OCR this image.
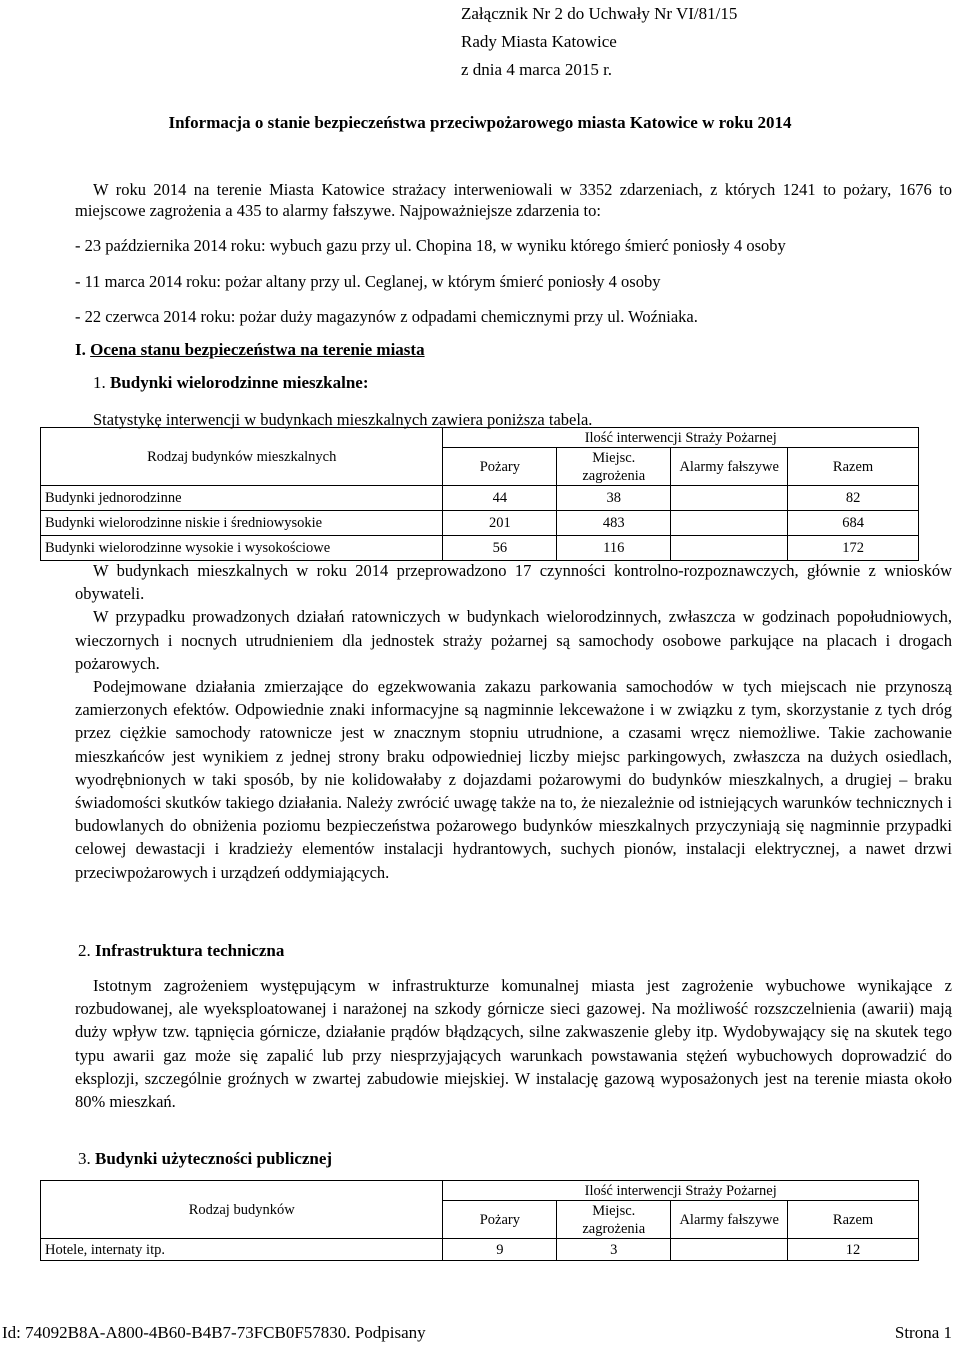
Załącznik Nr 2 do Uchwały Nr VI/81/15
Rady Miasta Katowice
z dnia 4 marca 2015 r.
Informacja o stanie bezpieczeństwa przeciwpożarowego miasta Katowice w roku 2014
W roku 2014 na terenie Miasta Katowice strażacy interweniowali w 3352 zdarzeniach, z których 1241 to pożary, 1676 to miejscowe zagrożenia a 435 to alarmy fałszywe. Najpoważniejsze zdarzenia to:
- 23 października 2014 roku: wybuch gazu przy ul. Chopina 18, w wyniku którego śmierć poniosły 4 osoby
- 11 marca 2014 roku: pożar altany przy ul. Ceglanej, w którym śmierć poniosły 4 osoby
- 22 czerwca 2014 roku: pożar duży magazynów z odpadami chemicznymi przy ul. Woźniaka.
I. Ocena stanu bezpieczeństwa na terenie miasta
1. Budynki wielorodzinne mieszkalne:
Statystykę interwencji w budynkach mieszkalnych zawiera poniższa tabela.
Rodzaj budynków mieszkalnych	Ilość interwencji Straży Pożarnej			
	Pożary	Miejsc. zagrożenia	Alarmy fałszywe	Razem
Budynki jednorodzinne	44	38		82
Budynki wielorodzinne niskie i średniowysokie	201	483		684
Budynki wielorodzinne wysokie i wysokościowe	56	116		172

W budynkach mieszkalnych w roku 2014 przeprowadzono 17 czynności kontrolno-rozpoznawczych, głównie z wniosków obywateli.

W przypadku prowadzonych działań ratowniczych w budynkach wielorodzinnych, zwłaszcza w godzinach popołudniowych, wieczornych i nocnych utrudnieniem dla jednostek straży pożarnej są samochody osobowe parkujące na placach i drogach pożarowych.

Podejmowane działania zmierzające do egzekwowania zakazu parkowania samochodów w tych miejscach nie przynoszą zamierzonych efektów. Odpowiednie znaki informacyjne są nagminnie lekceważone i w związku z tym, skorzystanie z tych dróg przez ciężkie samochody ratownicze jest w znacznym stopniu utrudnione, a czasami wręcz niemożliwe. Takie zachowanie mieszkańców jest wynikiem z jednej strony braku odpowiedniej liczby miejsc parkingowych, zwłaszcza na dużych osiedlach, wyodrębnionych w taki sposób, by nie kolidowałaby z dojazdami pożarowymi do budynków mieszkalnych, a drugiej – braku świadomości skutków takiego działania. Należy zwrócić uwagę także na to, że niezależnie od istniejących warunków technicznych i budowlanych do obniżenia poziomu bezpieczeństwa pożarowego budynków mieszkalnych przyczyniają się nagminnie przypadki celowej dewastacji i kradzieży elementów instalacji hydrantowych, suchych pionów, instalacji elektrycznej, a nawet drzwi przeciwpożarowych i urządzeń oddymiających.

2. Infrastruktura techniczna

Istotnym zagrożeniem występującym w infrastrukturze komunalnej miasta jest zagrożenie wybuchowe wynikające z rozbudowanej, ale wyeksploatowanej i narażonej na szkody górnicze sieci gazowej. Na możliwość rozszczelnienia (awarii) mają duży wpływ tzw. tąpnięcia górnicze, działanie prądów błądzących, silne zakwaszenie gleby itp. Wydobywający się na skutek tego typu awarii gaz może się zapalić lub przy niesprzyjających warunkach powstawania stężeń wybuchowych doprowadzić do eksplozji, szczególnie groźnych w zwartej zabudowie miejskiej. W instalację gazową wyposażonych jest na terenie miasta około 80% mieszkań.

3. Budynki użyteczności publicznej
Rodzaj budynków	Ilość interwencji Straży Pożarnej			
	Pożary	Miejsc. zagrożenia	Alarmy fałszywe	Razem
Hotele, internaty itp.	9	3		12
Id: 74092B8A-A800-4B60-B4B7-73FCB0F57830. Podpisany	Strona 1
